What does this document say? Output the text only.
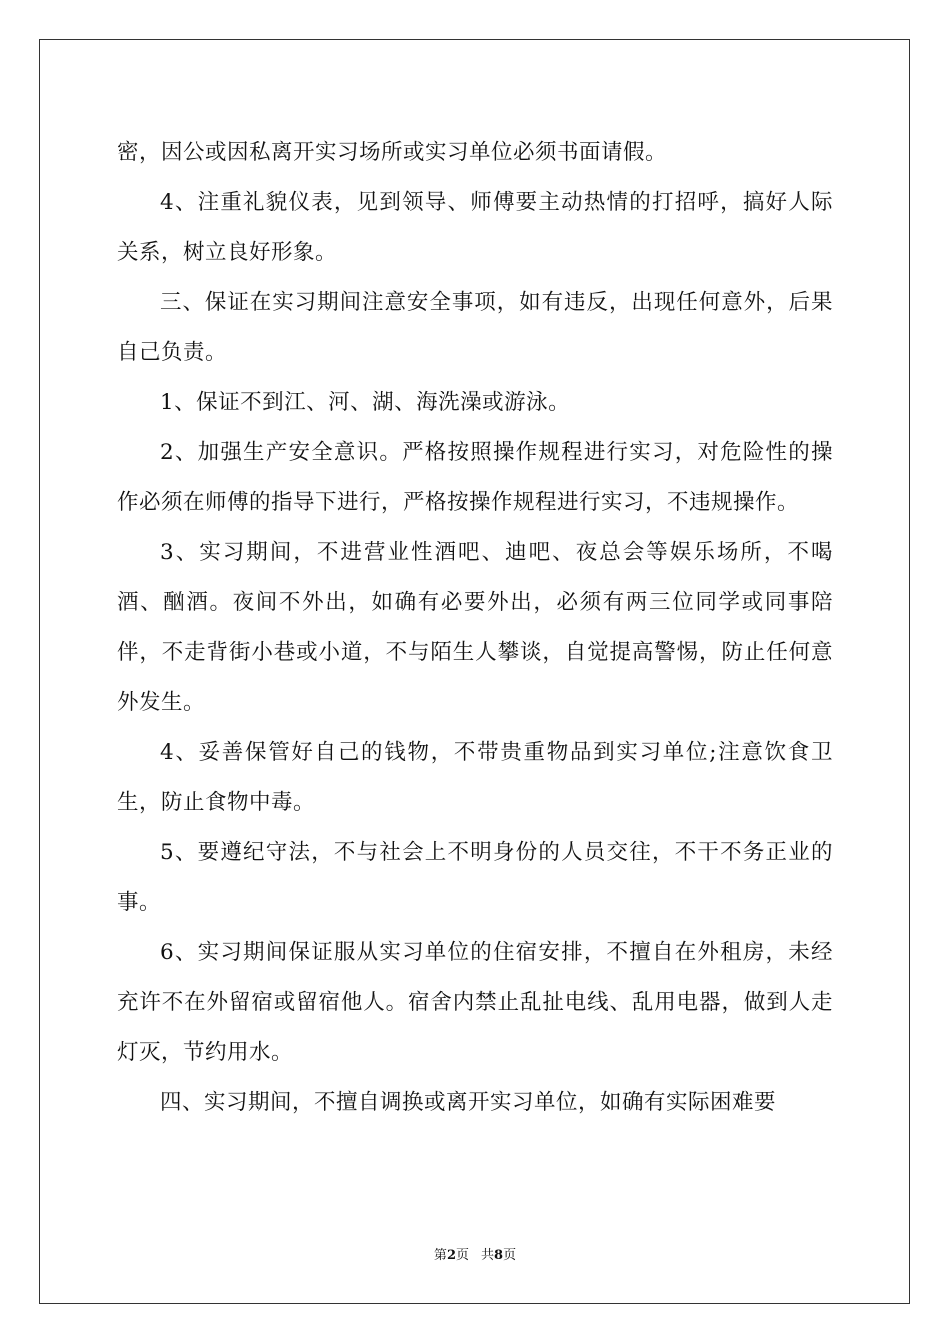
密，因公或因私离开实习场所或实习单位必须书面请假。

4、注重礼貌仪表，见到领导、师傅要主动热情的打招呼，搞好人际关系，树立良好形象。

三、保证在实习期间注意安全事项，如有违反，出现任何意外，后果自己负责。

1、保证不到江、河、湖、海洗澡或游泳。

2、加强生产安全意识。严格按照操作规程进行实习，对危险性的操作必须在师傅的指导下进行，严格按操作规程进行实习，不违规操作。

3、实习期间，不进营业性酒吧、迪吧、夜总会等娱乐场所，不喝酒、酗酒。夜间不外出，如确有必要外出，必须有两三位同学或同事陪伴，不走背街小巷或小道，不与陌生人攀谈，自觉提高警惕，防止任何意外发生。

4、妥善保管好自己的钱物，不带贵重物品到实习单位;注意饮食卫生，防止食物中毒。

5、要遵纪守法，不与社会上不明身份的人员交往，不干不务正业的事。

6、实习期间保证服从实习单位的住宿安排，不擅自在外租房，未经充许不在外留宿或留宿他人。宿舍内禁止乱扯电线、乱用电器，做到人走灯灭，节约用水。

四、实习期间，不擅自调换或离开实习单位，如确有实际困难要

第2页 共8页
